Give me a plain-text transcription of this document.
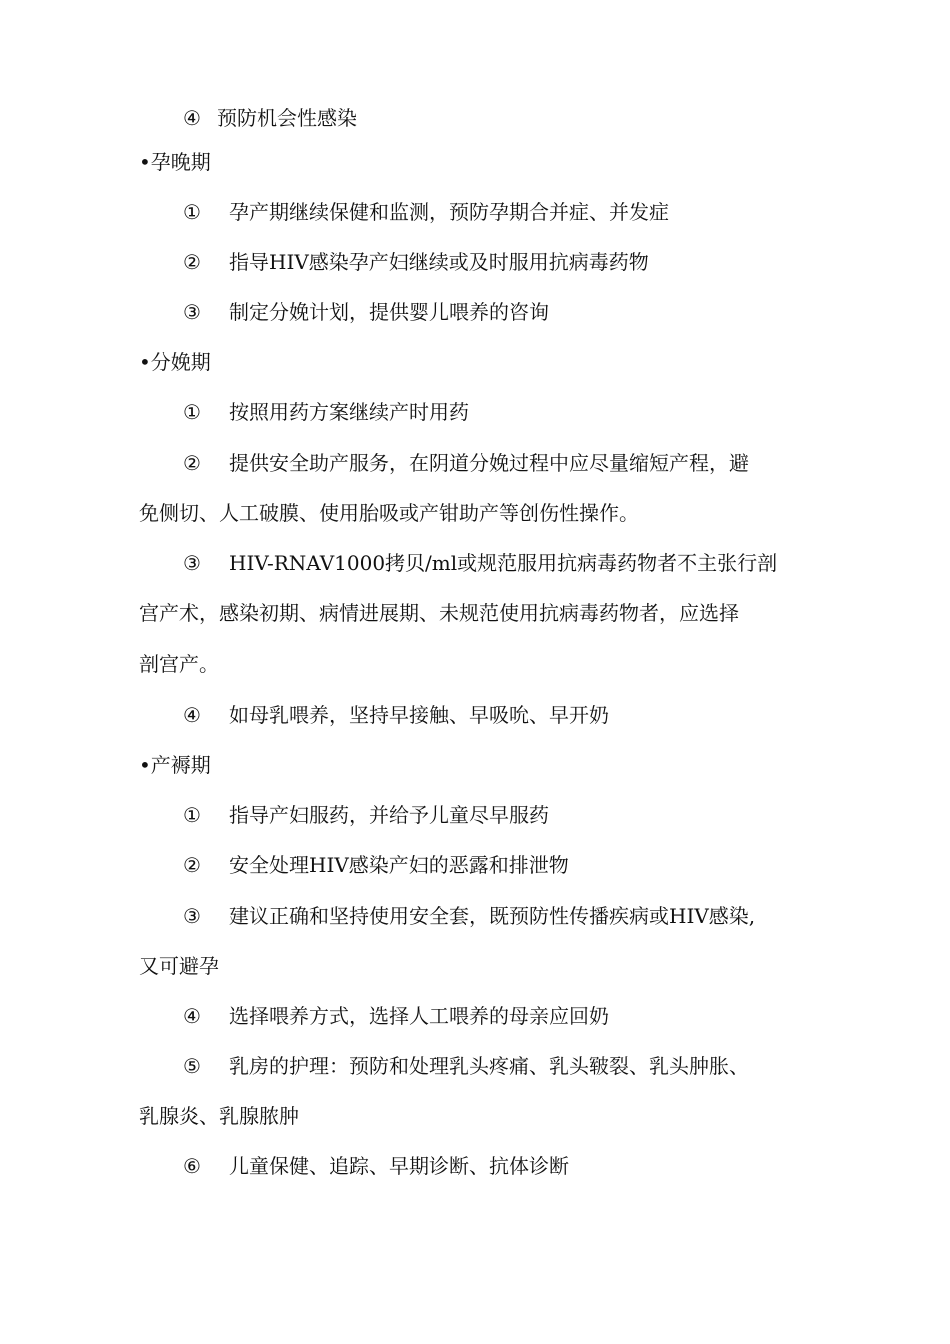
④ 预防机会性感染
•孕晚期
① 孕产期继续保健和监测，预防孕期合并症、并发症
② 指导HIV感染孕产妇继续或及时服用抗病毒药物
③ 制定分娩计划，提供婴儿喂养的咨询
•分娩期
① 按照用药方案继续产时用药
② 提供安全助产服务，在阴道分娩过程中应尽量缩短产程，避
免侧切、人工破膜、使用胎吸或产钳助产等创伤性操作。
③ HIV-RNAV1000拷贝/ml或规范服用抗病毒药物者不主张行剖
宫产术，感染初期、病情进展期、未规范使用抗病毒药物者，应选择
剖宫产。
④ 如母乳喂养，坚持早接触、早吸吮、早开奶
•产褥期
① 指导产妇服药，并给予儿童尽早服药
② 安全处理HIV感染产妇的恶露和排泄物
③ 建议正确和坚持使用安全套，既预防性传播疾病或HIV感染,
又可避孕
④ 选择喂养方式，选择人工喂养的母亲应回奶
⑤ 乳房的护理：预防和处理乳头疼痛、乳头皲裂、乳头肿胀、
乳腺炎、乳腺脓肿
⑥ 儿童保健、追踪、早期诊断、抗体诊断
